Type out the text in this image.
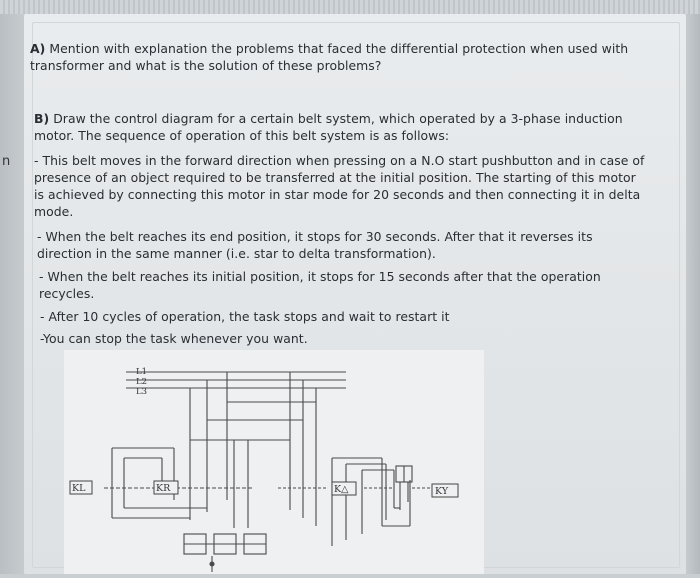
n

A) Mention with explanation the problems that faced the differential protection when used with transformer and what is the solution of these problems?

B) Draw the control diagram for a certain belt system, which operated by a 3-phase induction motor. The sequence of operation of this belt system is as follows:

- This belt moves in the forward direction when pressing on a N.O start pushbutton and in case of presence of an object required to be transferred at the initial position. The starting of this motor is achieved by connecting this motor in star mode for 20 seconds and then connecting it in delta mode.

- When the belt reaches its end position, it stops for 30 seconds. After that it reverses its direction in the same manner (i.e. star to delta transformation).

- When the belt reaches its initial position, it stops for 15 seconds after that the operation recycles.

- After 10 cycles of operation, the task stops and wait to restart it

-You can stop the task whenever you want.

L1
L2
L3
KL	KR	K△	KY
